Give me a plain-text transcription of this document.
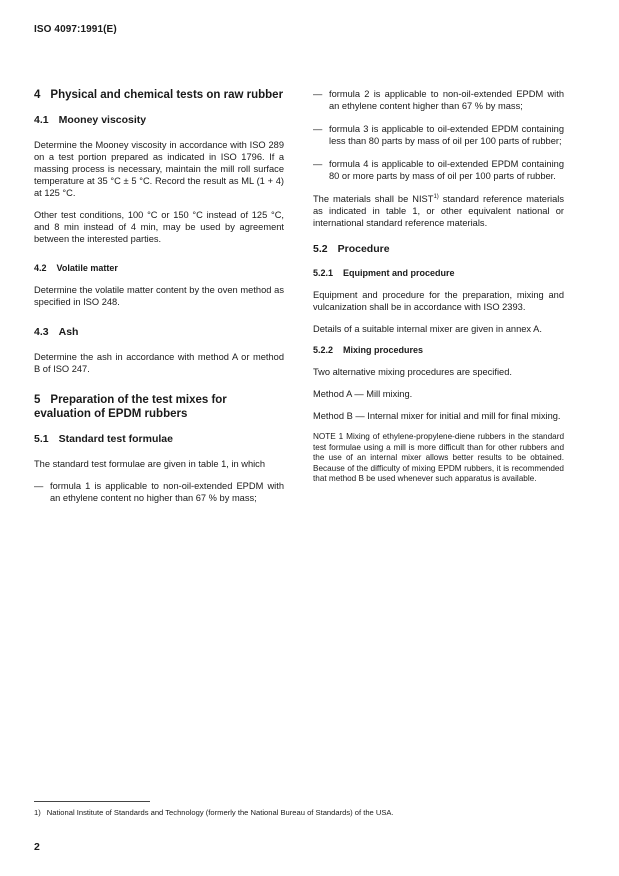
ISO 4097:1991(E)
4 Physical and chemical tests on raw rubber
4.1 Mooney viscosity

Determine the Mooney viscosity in accordance with ISO 289 on a test portion prepared as indicated in ISO 1796. If a massing process is necessary, maintain the mill roll surface temperature at 35 °C ± 5 °C. Record the result as ML (1 + 4) at 125 °C.

Other test conditions, 100 °C or 150 °C instead of 125 °C, and 8 min instead of 4 min, may be used by agreement between the interested parties.

4.2 Volatile matter

Determine the volatile matter content by the oven method as specified in ISO 248.

4.3 Ash

Determine the ash in accordance with method A or method B of ISO 247.

5 Preparation of the test mixes for evaluation of EPDM rubbers
5.1 Standard test formulae

The standard test formulae are given in table 1, in which

— formula 1 is applicable to non-oil-extended EPDM with an ethylene content no higher than 67 % by mass;
— formula 2 is applicable to non-oil-extended EPDM with an ethylene content higher than 67 % by mass;
— formula 3 is applicable to oil-extended EPDM containing less than 80 parts by mass of oil per 100 parts of rubber;
— formula 4 is applicable to oil-extended EPDM containing 80 or more parts by mass of oil per 100 parts of rubber.

The materials shall be NIST$^{1)}$ standard reference materials as indicated in table 1, or other equivalent national or international standard reference materials.

5.2 Procedure
5.2.1 Equipment and procedure

Equipment and procedure for the preparation, mixing and vulcanization shall be in accordance with ISO 2393.

Details of a suitable internal mixer are given in annex A.

5.2.2 Mixing procedures

Two alternative mixing procedures are specified.

Method A — Mill mixing.

Method B — Internal mixer for initial and mill for final mixing.

NOTE 1 Mixing of ethylene-propylene-diene rubbers in the standard test formulae using a mill is more difficult than for other rubbers and the use of an internal mixer allows better results to be obtained. Because of the difficulty of mixing EPDM rubbers, it is recommended that method B be used whenever such apparatus is available.

1) National Institute of Standards and Technology (formerly the National Bureau of Standards) of the USA.
2
